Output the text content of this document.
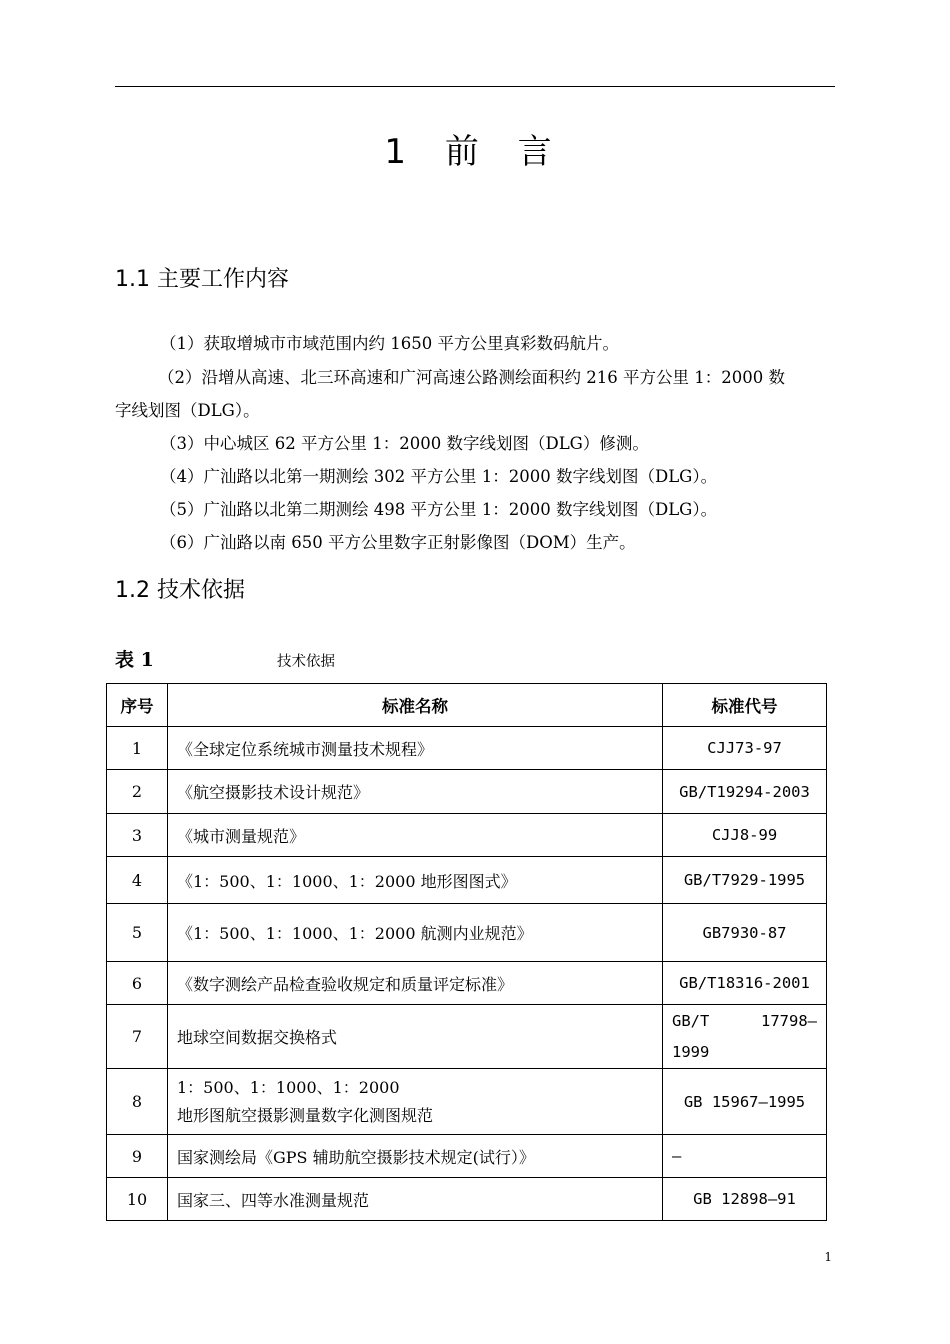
1 前 言
1.1 主要工作内容
（1）获取增城市市域范围内约 1650 平方公里真彩数码航片。
（2）沿增从高速、北三环高速和广河高速公路测绘面积约 216 平方公里 1：2000 数
字线划图（DLG）。
（3）中心城区 62 平方公里 1：2000 数字线划图（DLG）修测。
（4）广汕路以北第一期测绘 302 平方公里 1：2000 数字线划图（DLG）。
（5）广汕路以北第二期测绘 498 平方公里 1：2000 数字线划图（DLG）。
（6）广汕路以南 650 平方公里数字正射影像图（DOM）生产。
1.2 技术依据
表 1	技术依据
序号	标准名称	标准代号
1	《全球定位系统城市测量技术规程》	CJJ73-97
2	《航空摄影技术设计规范》	GB/T19294-2003
3	《城市测量规范》	CJJ8-99
4	《1：500、1：1000、1：2000 地形图图式》	GB/T7929-1995
5	《1：500、1：1000、1：2000 航测内业规范》	GB7930-87
6	《数字测绘产品检查验收规定和质量评定标准》	GB/T18316-2001
7	地球空间数据交换格式	GB/T 17798—
1999

8	1：500、1：1000、1：2000
地形图航空摄影测量数字化测图规范	GB 15967—1995
9	国家测绘局《GPS 辅助航空摄影技术规定(试行）》	—
10	国家三、四等水准测量规范	GB 12898—91
1
